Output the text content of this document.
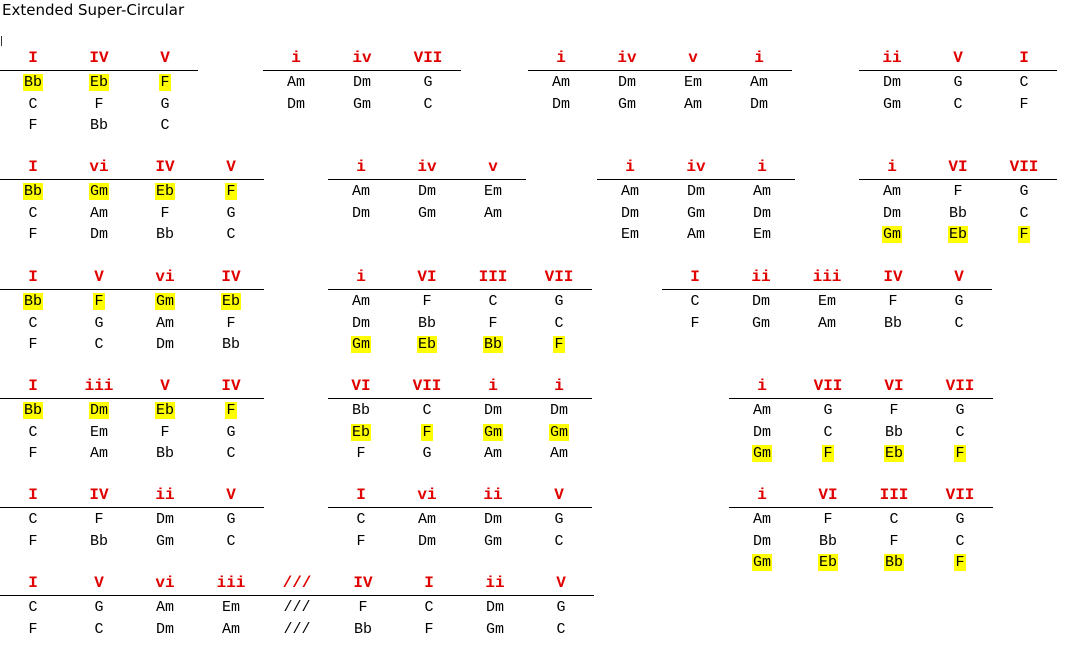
Extended Super-Circular
I	IV	V
Bb	Eb	F
C	F	G
F	Bb	C
i	iv	VII
Am	Dm	G
Dm	Gm	C
i	iv	v	i
Am	Dm	Em	Am
Dm	Gm	Am	Dm
ii	V	I
Dm	G	C
Gm	C	F
I	vi	IV	V
Bb	Gm	Eb	F
C	Am	F	G
F	Dm	Bb	C
i	iv	v
Am	Dm	Em
Dm	Gm	Am
i	iv	i
Am	Dm	Am
Dm	Gm	Dm
Em	Am	Em
i	VI	VII
Am	F	G
Dm	Bb	C
Gm	Eb	F
I	V	vi	IV
Bb	F	Gm	Eb
C	G	Am	F
F	C	Dm	Bb
i	VI	III	VII
Am	F	C	G
Dm	Bb	F	C
Gm	Eb	Bb	F
I	ii	iii	IV	V
C	Dm	Em	F	G
F	Gm	Am	Bb	C
I	iii	V	IV
Bb	Dm	Eb	F
C	Em	F	G
F	Am	Bb	C
VI	VII	i	i
Bb	C	Dm	Dm
Eb	F	Gm	Gm
F	G	Am	Am
i	VII	VI	VII
Am	G	F	G
Dm	C	Bb	C
Gm	F	Eb	F
I	IV	ii	V
C	F	Dm	G
F	Bb	Gm	C
I	vi	ii	V
C	Am	Dm	G
F	Dm	Gm	C
i	VI	III	VII
Am	F	C	G
Dm	Bb	F	C
Gm	Eb	Bb	F
I	V	vi	iii	///	IV	I	ii	V
C	G	Am	Em	///	F	C	Dm	G
F	C	Dm	Am	///	Bb	F	Gm	C
